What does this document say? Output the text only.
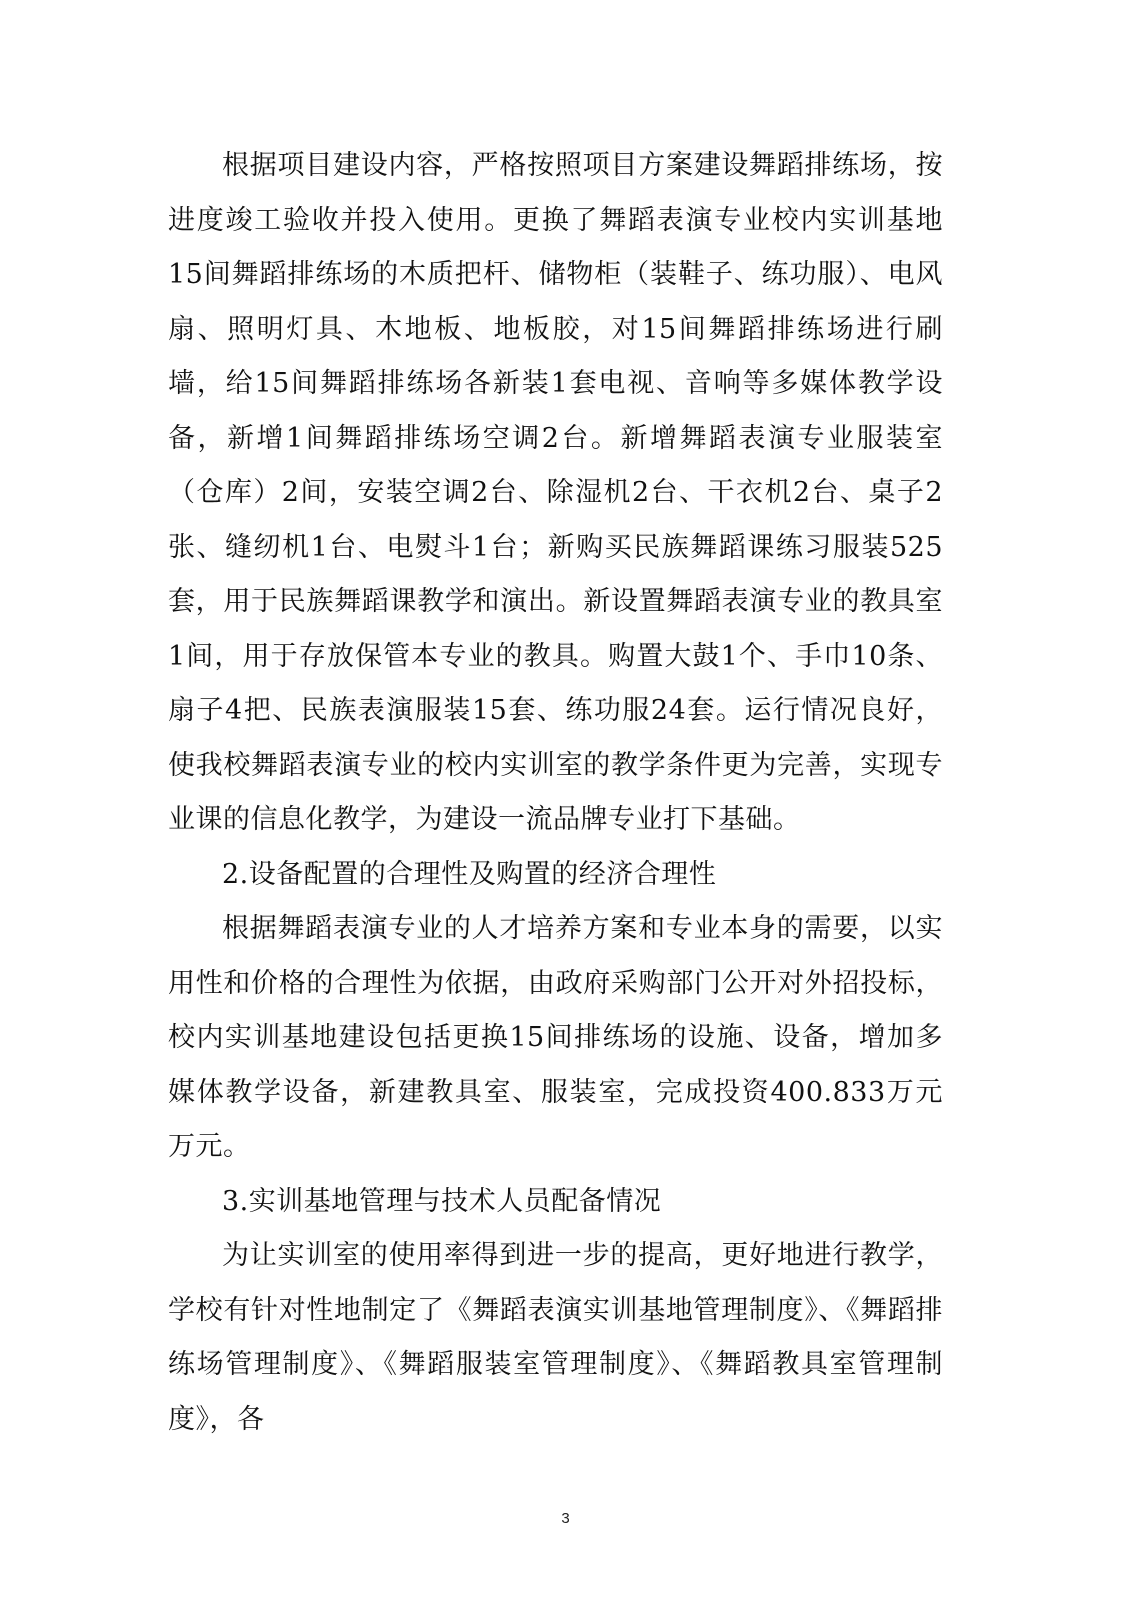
根据项目建设内容，严格按照项目方案建设舞蹈排练场，按进度竣工验收并投入使用。更换了舞蹈表演专业校内实训基地15间舞蹈排练场的木质把杆、储物柜（装鞋子、练功服）、电风扇、照明灯具、木地板、地板胶，对15间舞蹈排练场进行刷墙，给15间舞蹈排练场各新装1套电视、音响等多媒体教学设备，新增1间舞蹈排练场空调2台。新增舞蹈表演专业服装室（仓库）2间，安装空调2台、除湿机2台、干衣机2台、桌子2张、缝纫机1台、电熨斗1台；新购买民族舞蹈课练习服装525套，用于民族舞蹈课教学和演出。新设置舞蹈表演专业的教具室1间，用于存放保管本专业的教具。购置大鼓1个、手巾10条、扇子4把、民族表演服装15套、练功服24套。运行情况良好，使我校舞蹈表演专业的校内实训室的教学条件更为完善，实现专业课的信息化教学，为建设一流品牌专业打下基础。

2.设备配置的合理性及购置的经济合理性

根据舞蹈表演专业的人才培养方案和专业本身的需要，以实用性和价格的合理性为依据，由政府采购部门公开对外招投标，校内实训基地建设包括更换15间排练场的设施、设备，增加多媒体教学设备，新建教具室、服装室，完成投资400.833万元万元。

3.实训基地管理与技术人员配备情况

为让实训室的使用率得到进一步的提高，更好地进行教学，学校有针对性地制定了《舞蹈表演实训基地管理制度》、《舞蹈排练场管理制度》、《舞蹈服装室管理制度》、《舞蹈教具室管理制度》，各

3
